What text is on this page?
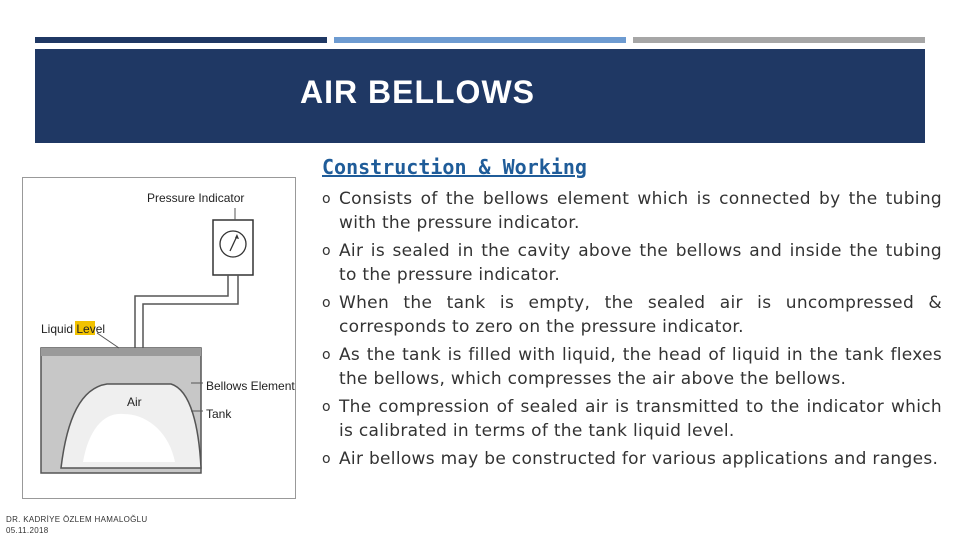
AIR BELLOWS
Construction & Working
o Consists of the bellows element which is connected by the tubing with the pressure indicator.
o Air is sealed in the cavity above the bellows and inside the tubing to the pressure indicator.
o When the tank is empty, the sealed air is uncompressed & corresponds to zero on the pressure indicator.
o As the tank is filled with liquid, the head of liquid in the tank flexes the bellows, which compresses the air above the bellows.
o The compression of sealed air is transmitted to the indicator which is calibrated in terms of the tank liquid level.
o Air bellows may be constructed for various applications and ranges.
Pressure Indicator
Liquid Level
Bellows Element
Tank
Air
DR. KADRİYE ÖZLEM HAMALOĞLU
05.11.2018
